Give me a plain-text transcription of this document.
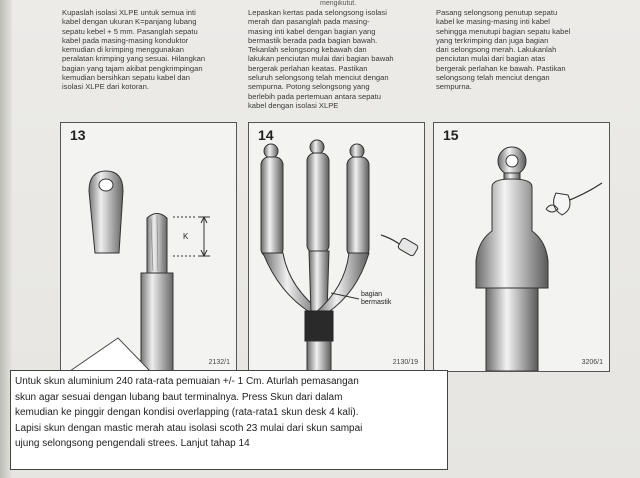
mengikutut.

Kupaslah isolasi XLPE untuk semua inti
kabel dengan ukuran K=panjang lubang
sepatu kebel + 5 mm. Pasanglah sepatu
kabel pada masing-masing konduktor
kemudian di krimping menggunakan
peralatan krimping yang sesuai. Hilangkan
bagian yang tajam akibat pengkrimpingan
kemudian bersihkan sepatu kabel dan
isolasi XLPE dari kotoran.

Lepaskan kertas pada selongsong isolasi
merah dan pasanglah pada masing-
masing inti kabel dengan bagian yang
bermastik berada pada bagian bawah.
Tekanlah selongsong kebawah dan
lakukan penciutan mulai dari bagian bawah
bergerak perlahan keatas. Pastikan
seluruh selongsong telah menciut dengan
sempurna. Potong selongsong yang
berlebih pada pertemuan antara sepatu
kabel dengan isolasi XLPE

Pasang selongsong penutup sepatu
kabel ke masing-masing inti kabel
sehingga menutupi bagian sepatu kabel
yang terkrimping dan juga bagian
dari selongsong merah. Lakukanlah
penciutan mulai dari bagian atas
bergerak perlahan ke bawah. Pastikan
selongsong telah menciut dengan
sempurna.

13
K
2132/1
14

bagian
bermastik

2130/19
15
3206/1
Untuk skun aluminium 240 rata-rata pemuaian +/- 1 Cm. Aturlah pemasangan
skun agar sesuai dengan lubang baut terminalnya. Press Skun dari dalam
kemudian ke pinggir dengan kondisi overlapping (rata-rata1 skun desk 4 kali).
Lapisi skun dengan mastic merah atau isolasi scoth 23 mulai dari skun sampai
ujung selongsong pengendali strees. Lanjut tahap 14
